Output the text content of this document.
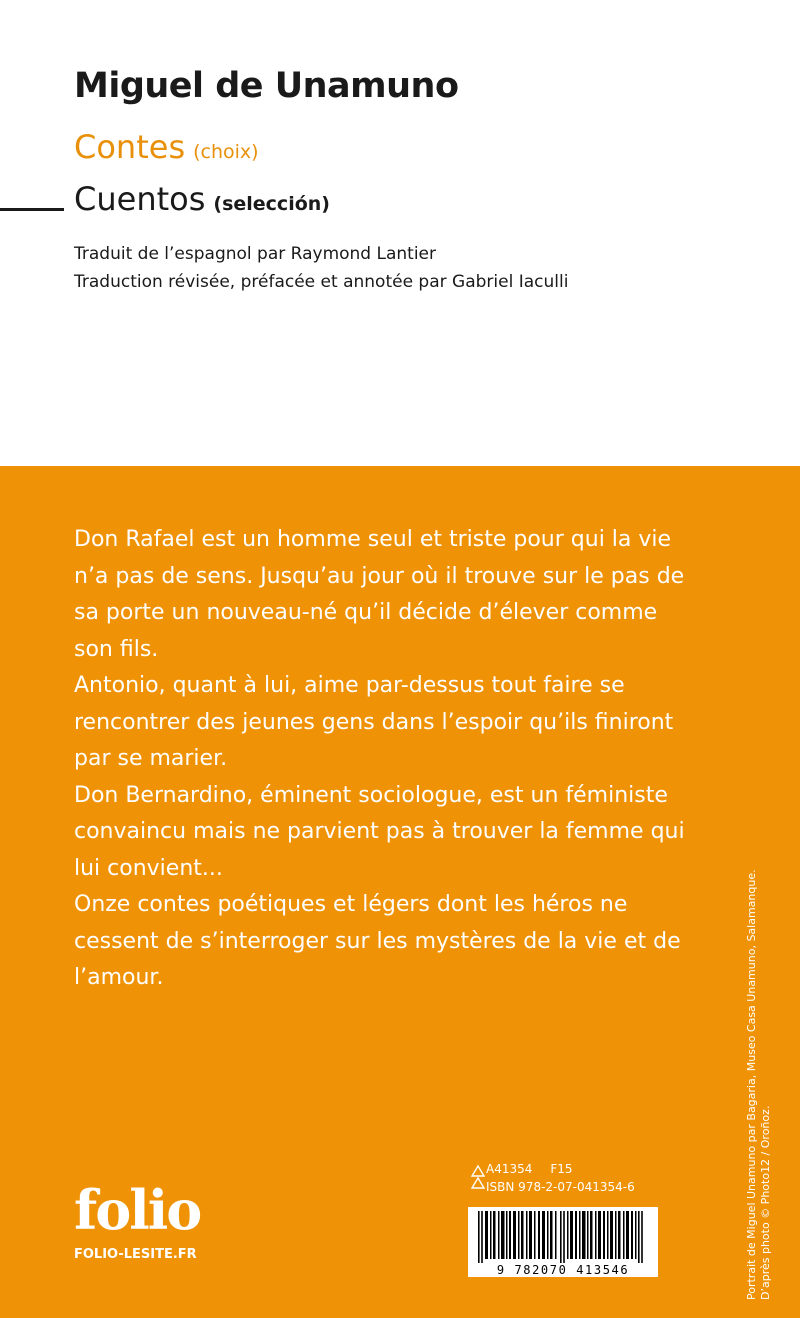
Miguel de Unamuno
Contes (choix)
Cuentos (selección)
Traduit de l’espagnol par Raymond Lantier
Traduction révisée, préfacée et annotée par Gabriel Iaculli

Don Rafael est un homme seul et triste pour qui la vie n’a pas de sens. Jusqu’au jour où il trouve sur le pas de sa porte un nouveau-né qu’il décide d’élever comme son fils.

Antonio, quant à lui, aime par-dessus tout faire se rencontrer des jeunes gens dans l’espoir qu’ils finiront par se marier.

Don Bernardino, éminent sociologue, est un féministe convaincu mais ne parvient pas à trouver la femme qui lui convient...

Onze contes poétiques et légers dont les héros ne cessent de s’interroger sur les mystères de la vie et de l’amour.

folio
FOLIO-LESITE.FR
A41354 F15
ISBN 978-2-07-041354-6
9 782070 413546	Portrait de Miguel Unamuno par Bagaria, Museo Casa Unamuno, Salamanque. D’après photo © Photo12 / Oroñoz.
